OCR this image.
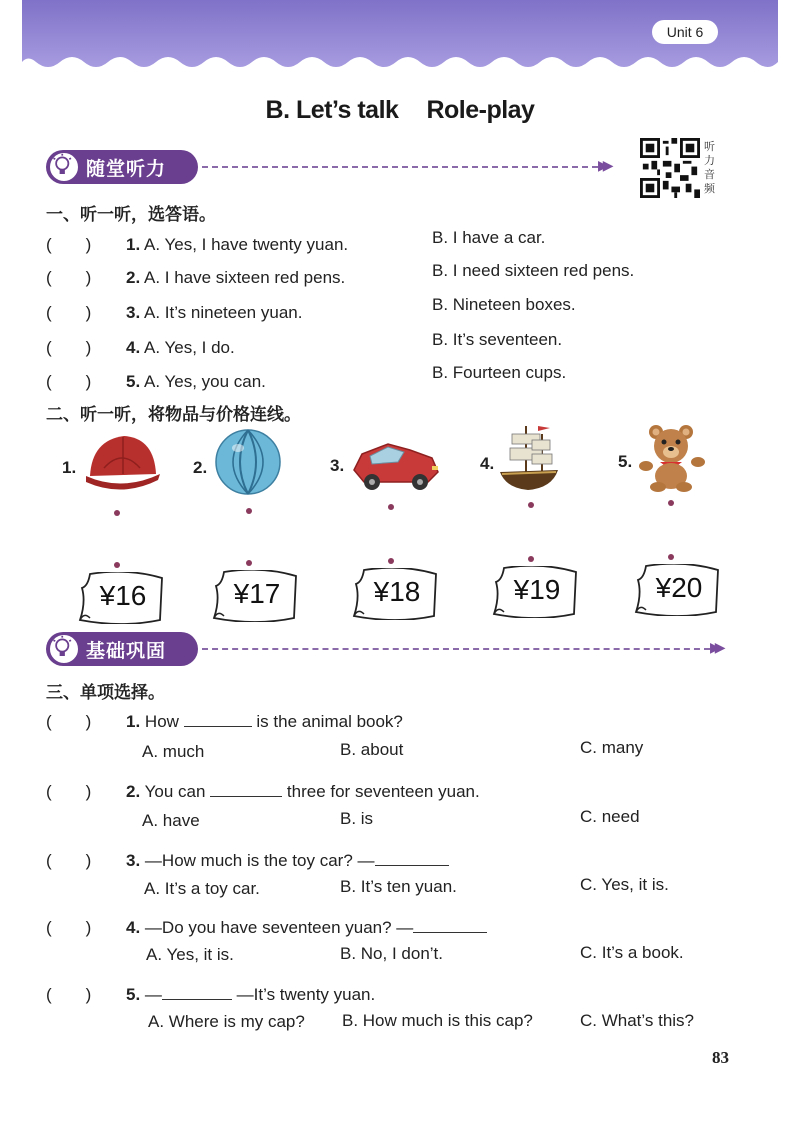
Unit 6
B. Let’s talk Role-play
随堂听力	▶▶
听力音频
一、听一听，选答语。
(　　) 1. A. Yes, I have twenty yuan.	B. I have a car.
(　　) 2. A. I have sixteen red pens.	B. I need sixteen red pens.
(　　) 3. A. It’s nineteen yuan.	B. Nineteen boxes.
(　　) 4. A. Yes, I do.	B. It’s seventeen.
(　　) 5. A. Yes, you can.	B. Fourteen cups.
二、听一听，将物品与价格连线。
1.	2.	3.	4.	5.
¥16	¥17	¥18	¥19	¥20
基础巩固	▶▶
三、单项选择。
(　　) 1. How	is the animal book?
A. much	B. about	C. many
(　　) 2. You can	three for seventeen yuan.
A. have	B. is	C. need
(　　) 3. —How much is the toy car? —
A. It’s a toy car.	B. It’s ten yuan.	C. Yes, it is.
(　　) 4. —Do you have seventeen yuan? —
A. Yes, it is.	B. No, I don’t.	C. It’s a book.
(　　) 5. —	—It’s twenty yuan.
A. Where is my cap? B. How much is this cap?	C. What’s this?
83
